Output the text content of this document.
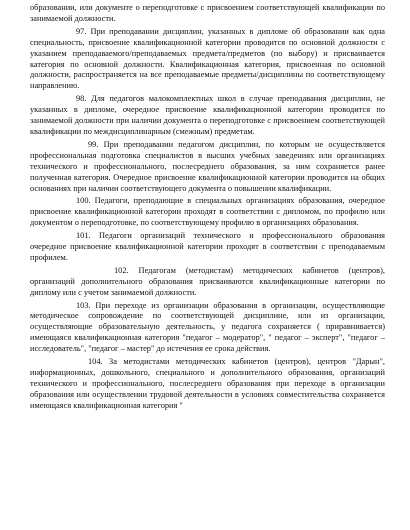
образовании, или документе о переподготовке с присвоением соответствующей квалификации по занимаемой должности.

97. При преподавании дисциплин, указанных в дипломе об образовании как одна специальность, присвоение квалификационной категории проводится по основной должности с указанием преподаваемого/преподаваемых предмета/предметов (по выбору) и присваивается категория по основной должности. Квалификационная категория, присвоенная по основной должности, распространяется на все преподаваемые предметы/дисциплины по соответствующему направлению.

98. Для педагогов малокомплектных школ в случае преподавания дисциплин, не указанных в дипломе, очередное присвоение квалификационной категории проводится по занимаемой должности при наличии документа о переподготовке с присвоением соответствующей квалификации по междисциплинарным (смежным) предметам.

99. При преподавании педагогом дисциплин, по которым не осуществляется профессиональная подготовка специалистов в высших учебных заведениях или организациях технического и профессионального, послесреднего образования, за ним сохраняется ранее полученная категория. Очередное присвоение квалификационной категории проводится на общих основаниях при наличии соответствующего документа о повышении квалификации.

100. Педагоги, преподающие в специальных организациях образования, очередное присвоение квалификационной категории проходят в соответствии с дипломом, по профилю или документом о переподготовке, по соответствующему профилю в организациях образования.

101. Педагоги организаций технического и профессионального образования очередное присвоение квалификационной категории проходят в соответствии с преподаваемым профилем.

102. Педагогам (методистам) методических кабинетов (центров), организаций дополнительного образования присваиваются квалификационные категории по диплому или с учетом занимаемой должности.

103. При переходе из организации образования в организации, осуществляющие методическое сопровождение по соответствующей дисциплине, или из организации, осуществляющие образовательную деятельность, у педагога сохраняется ( приравнивается) имеющаяся квалификационная категория "педагог – модератор", " педагог – эксперт", "педагог – исследователь", "педагог – мастер" до истечения ее срока действия.

104. За методистами методических кабинетов (центров), центров "Дарын", информационных, дошкольного, специального и дополнительного образования, организаций технического и профессионального, послесреднего образования при переходе в организации образования или осуществлении трудовой деятельности в условиях совместительства сохраняется имеющаяся квалификационная категория "
